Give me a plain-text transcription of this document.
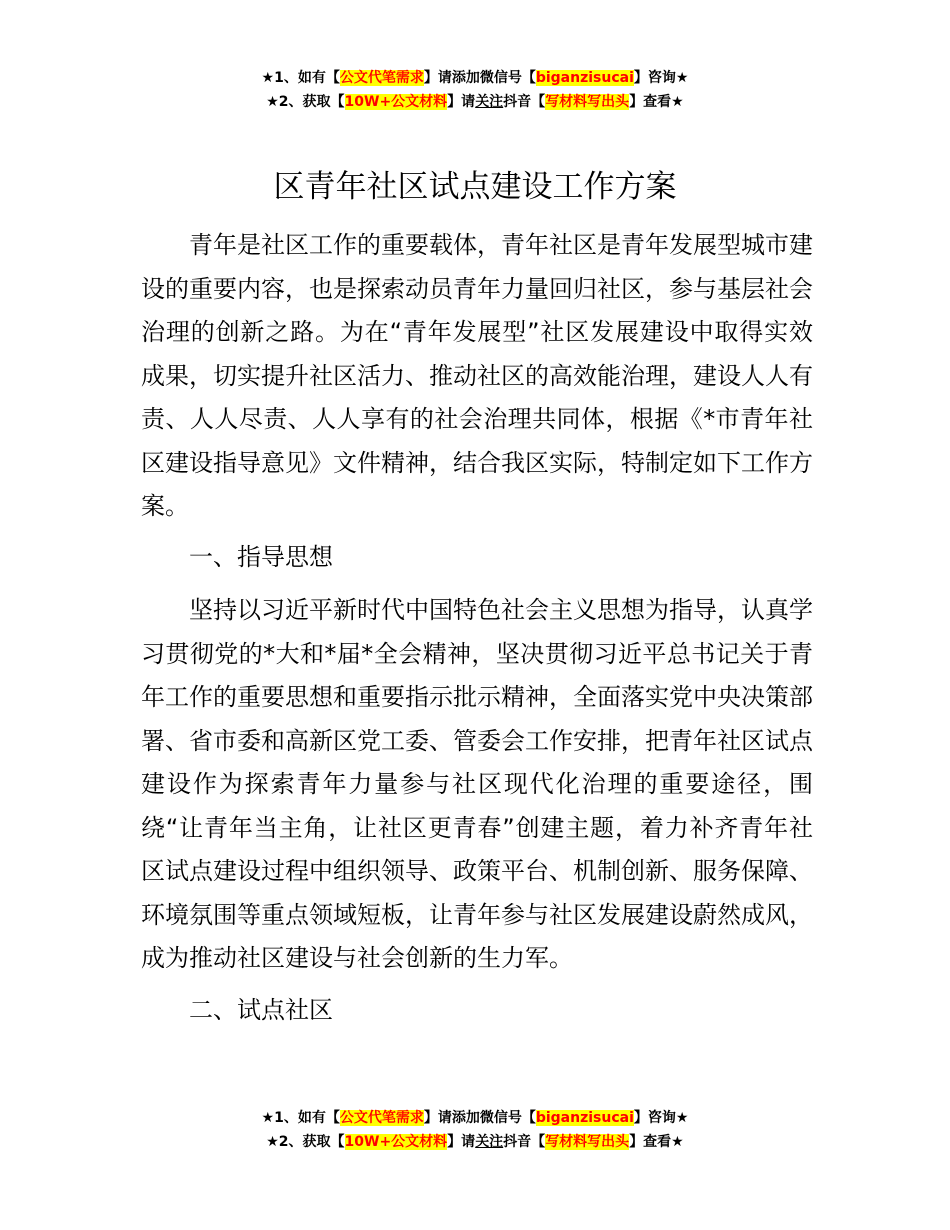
★1、如有【公文代笔需求】请添加微信号【biganzisucai】咨询★
★2、获取【10W+公文材料】请关注抖音【写材料写出头】查看★
区青年社区试点建设工作方案

青年是社区工作的重要载体，青年社区是青年发展型城市建设的重要内容，也是探索动员青年力量回归社区，参与基层社会治理的创新之路。为在“青年发展型”社区发展建设中取得实效成果，切实提升社区活力、推动社区的高效能治理，建设人人有责、人人尽责、人人享有的社会治理共同体，根据《*市青年社区建设指导意见》文件精神，结合我区实际，特制定如下工作方案。

一、指导思想

坚持以习近平新时代中国特色社会主义思想为指导，认真学习贯彻党的*大和*届*全会精神，坚决贯彻习近平总书记关于青年工作的重要思想和重要指示批示精神，全面落实党中央决策部署、省市委和高新区党工委、管委会工作安排，把青年社区试点建设作为探索青年力量参与社区现代化治理的重要途径，围绕“让青年当主角，让社区更青春”创建主题，着力补齐青年社区试点建设过程中组织领导、政策平台、机制创新、服务保障、环境氛围等重点领域短板，让青年参与社区发展建设蔚然成风，成为推动社区建设与社会创新的生力军。

二、试点社区

★1、如有【公文代笔需求】请添加微信号【biganzisucai】咨询★
★2、获取【10W+公文材料】请关注抖音【写材料写出头】查看★
